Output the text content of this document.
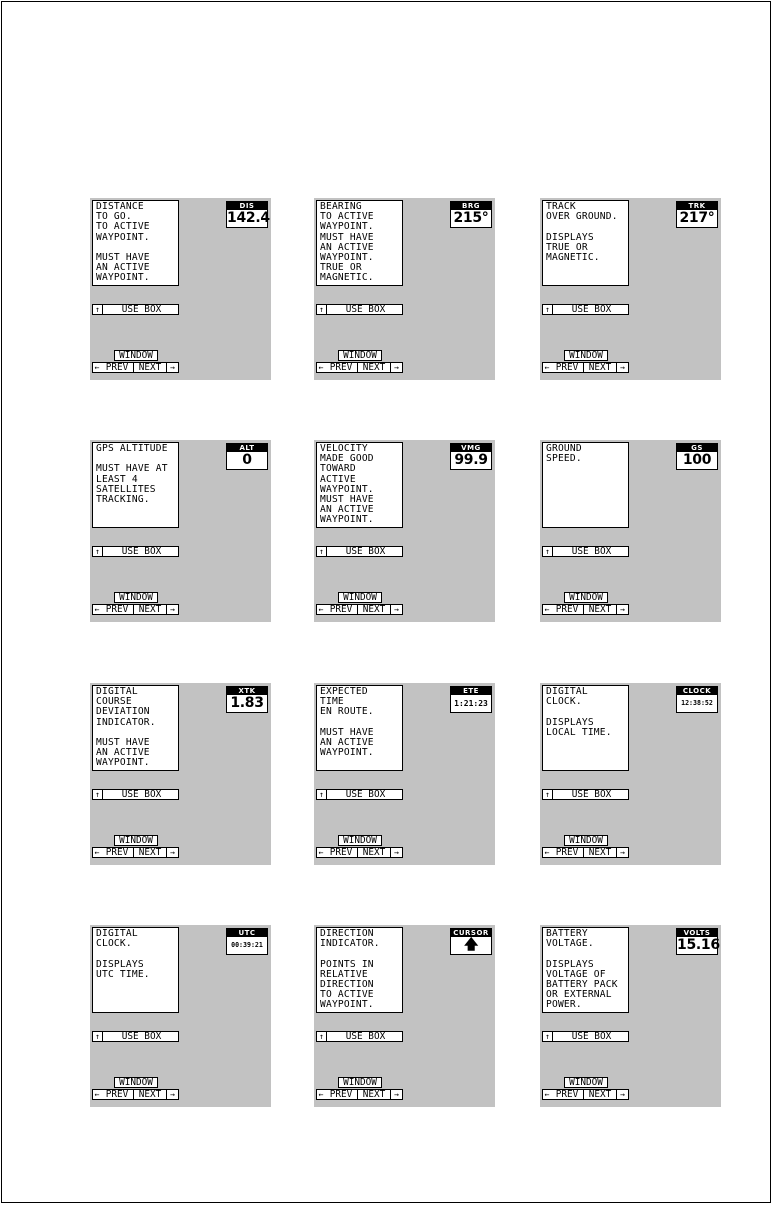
DISTANCE
TO GO.
TO ACTIVE
WAYPOINT.

MUST HAVE
AN ACTIVE
WAYPOINT.
DIS
142.4
↑	USE BOX
WINDOW
← PREV	NEXT	→
BEARING
TO ACTIVE
WAYPOINT.
MUST HAVE
AN ACTIVE
WAYPOINT.
TRUE OR
MAGNETIC.
BRG
215°
↑	USE BOX
WINDOW
← PREV	NEXT	→
TRACK
OVER GROUND.

DISPLAYS
TRUE OR
MAGNETIC.
TRK
217°
↑	USE BOX
WINDOW
← PREV	NEXT	→
GPS ALTITUDE

MUST HAVE AT
LEAST 4
SATELLITES
TRACKING.
ALT
0
↑	USE BOX
WINDOW
← PREV	NEXT	→
VELOCITY
MADE GOOD
TOWARD
ACTIVE
WAYPOINT.
MUST HAVE
AN ACTIVE
WAYPOINT.
VMG
99.9
↑	USE BOX
WINDOW
← PREV	NEXT	→
GROUND
SPEED.
GS
100
↑	USE BOX
WINDOW
← PREV	NEXT	→
DIGITAL
COURSE
DEVIATION
INDICATOR.

MUST HAVE
AN ACTIVE
WAYPOINT.
XTK
1.83
↑	USE BOX
WINDOW
← PREV	NEXT	→
EXPECTED
TIME
EN ROUTE.

MUST HAVE
AN ACTIVE
WAYPOINT.
ETE
1:21:23
↑	USE BOX
WINDOW
← PREV	NEXT	→
DIGITAL
CLOCK.

DISPLAYS
LOCAL TIME.
CLOCK
12:38:52
↑	USE BOX
WINDOW
← PREV	NEXT	→
DIGITAL
CLOCK.

DISPLAYS
UTC TIME.
UTC
00:39:21
↑	USE BOX
WINDOW
← PREV	NEXT	→
DIRECTION
INDICATOR.

POINTS IN
RELATIVE
DIRECTION
TO ACTIVE
WAYPOINT.
CURSOR
🡅
↑	USE BOX
WINDOW
← PREV	NEXT	→
BATTERY
VOLTAGE.

DISPLAYS
VOLTAGE OF
BATTERY PACK
OR EXTERNAL
POWER.
VOLTS
15.16
↑	USE BOX
WINDOW
← PREV	NEXT	→
